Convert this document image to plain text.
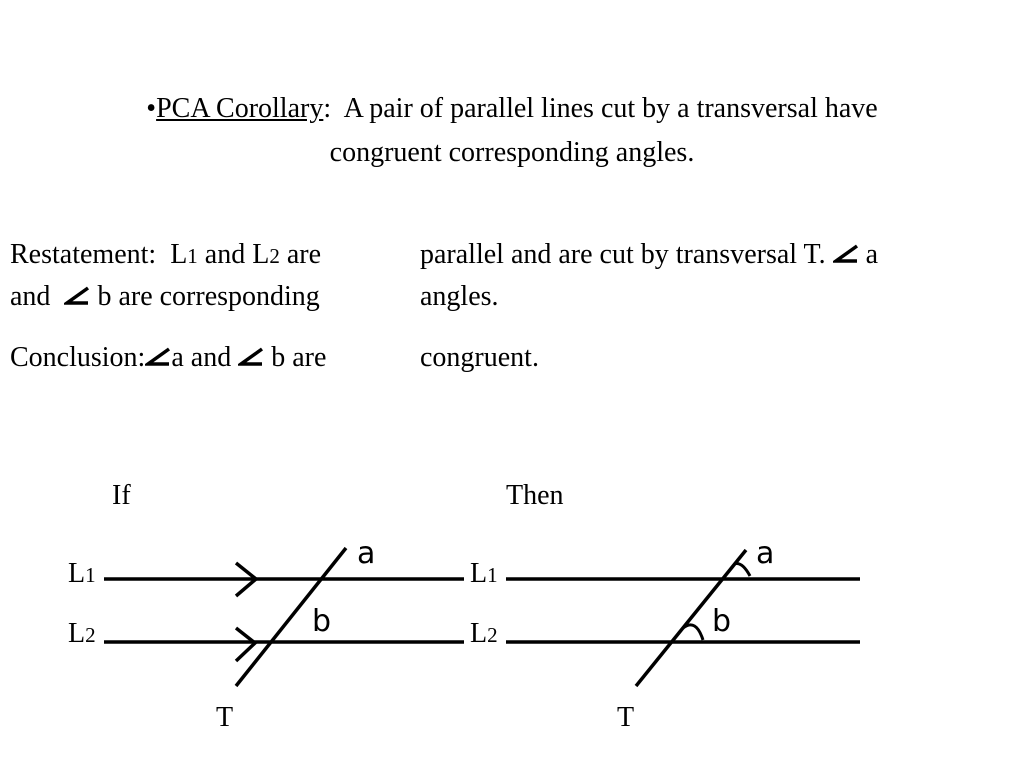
•PCA Corollary: A pair of parallel lines cut by a transversal have
congruent corresponding angles.
Restatement: L1 and L2 are	parallel and are cut by transversal T. a
and b are corresponding	angles.
Conclusion: a and b are	congruent.
If	Then
L1
L2
L1
L2
T	T
a
b
a
b
